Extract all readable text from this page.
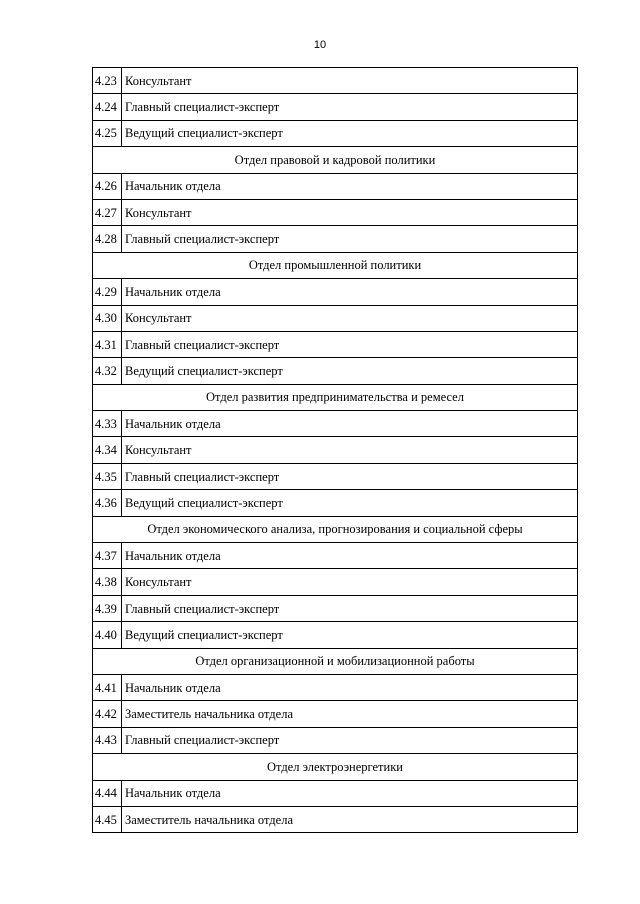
10
4.23	Консультант
4.24	Главный специалист-эксперт
4.25	Ведущий специалист-эксперт
Отдел правовой и кадровой политики	
4.26	Начальник отдела
4.27	Консультант
4.28	Главный специалист-эксперт
Отдел промышленной политики	
4.29	Начальник отдела
4.30	Консультант
4.31	Главный специалист-эксперт
4.32	Ведущий специалист-эксперт
Отдел развития предпринимательства и ремесел	
4.33	Начальник отдела
4.34	Консультант
4.35	Главный специалист-эксперт
4.36	Ведущий специалист-эксперт
Отдел экономического анализа, прогнозирования и социальной сферы	
4.37	Начальник отдела
4.38	Консультант
4.39	Главный специалист-эксперт
4.40	Ведущий специалист-эксперт
Отдел организационной и мобилизационной работы	
4.41	Начальник отдела
4.42	Заместитель начальника отдела
4.43	Главный специалист-эксперт
Отдел электроэнергетики	
4.44	Начальник отдела
4.45	Заместитель начальника отдела
